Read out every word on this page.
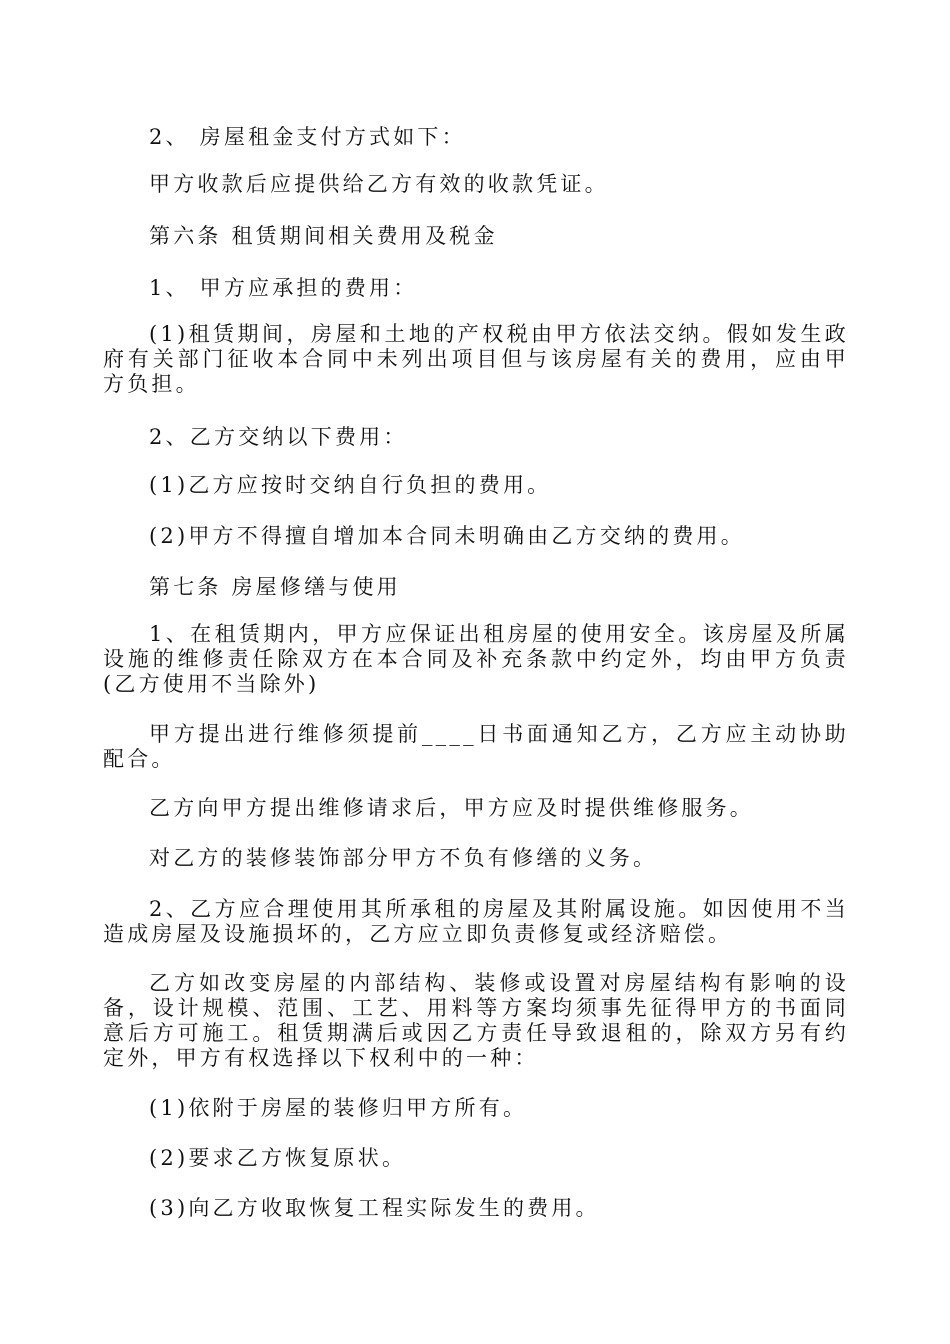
2、 房屋租金支付方式如下：

甲方收款后应提供给乙方有效的收款凭证。

第六条 租赁期间相关费用及税金

1、 甲方应承担的费用：

(1)租赁期间，房屋和土地的产权税由甲方依法交纳。假如发生政府有关部门征收本合同中未列出项目但与该房屋有关的费用，应由甲方负担。

2、乙方交纳以下费用：

(1)乙方应按时交纳自行负担的费用。

(2)甲方不得擅自增加本合同未明确由乙方交纳的费用。

第七条 房屋修缮与使用

1、在租赁期内，甲方应保证出租房屋的使用安全。该房屋及所属设施的维修责任除双方在本合同及补充条款中约定外，均由甲方负责(乙方使用不当除外)

甲方提出进行维修须提前____日书面通知乙方，乙方应主动协助配合。

乙方向甲方提出维修请求后，甲方应及时提供维修服务。

对乙方的装修装饰部分甲方不负有修缮的义务。

2、乙方应合理使用其所承租的房屋及其附属设施。如因使用不当造成房屋及设施损坏的，乙方应立即负责修复或经济赔偿。

乙方如改变房屋的内部结构、装修或设置对房屋结构有影响的设备，设计规模、范围、工艺、用料等方案均须事先征得甲方的书面同意后方可施工。租赁期满后或因乙方责任导致退租的，除双方另有约定外，甲方有权选择以下权利中的一种：

(1)依附于房屋的装修归甲方所有。

(2)要求乙方恢复原状。

(3)向乙方收取恢复工程实际发生的费用。
